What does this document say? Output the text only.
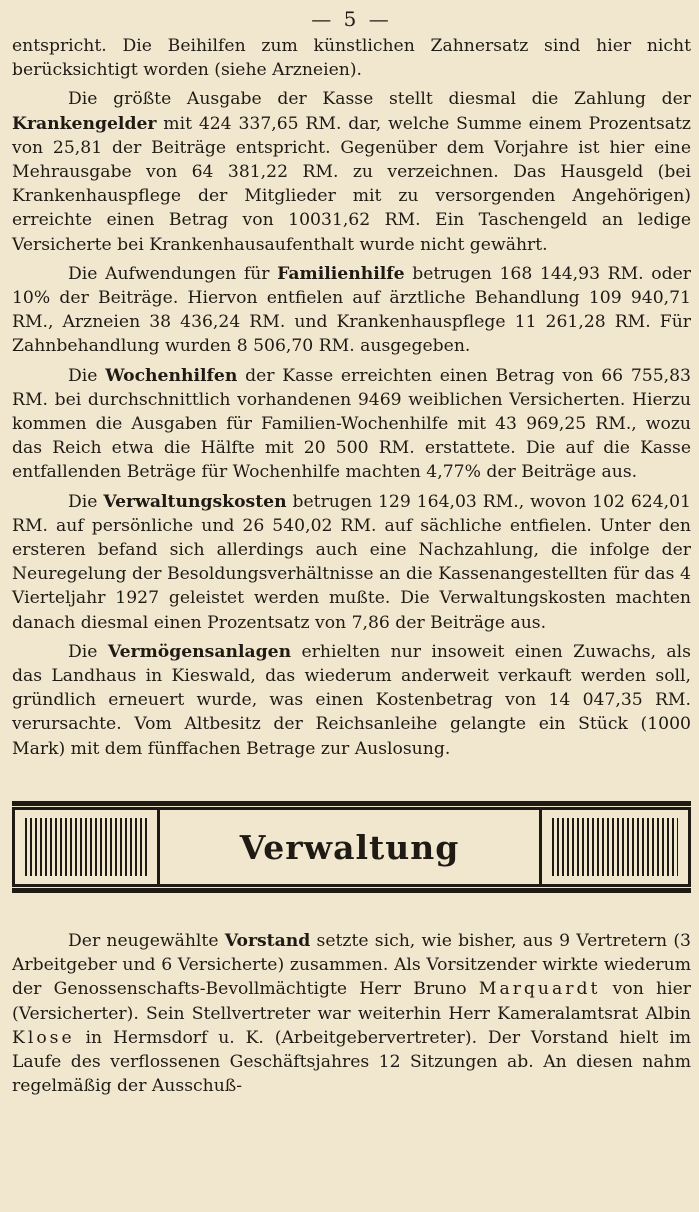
— 5 —

entspricht. Die Beihilfen zum künstlichen Zahnersatz sind hier nicht berücksichtigt worden (siehe Arzneien).

Die größte Ausgabe der Kasse stellt diesmal die Zahlung der Krankengelder mit 424 337,65 RM. dar, welche Summe einem Prozentsatz von 25,81 der Beiträge entspricht. Gegenüber dem Vorjahre ist hier eine Mehrausgabe von 64 381,22 RM. zu verzeichnen. Das Hausgeld (bei Krankenhauspflege der Mitglieder mit zu versorgenden Angehörigen) erreichte einen Betrag von 10031,62 RM. Ein Taschengeld an ledige Versicherte bei Krankenhausaufenthalt wurde nicht gewährt.

Die Aufwendungen für Familienhilfe betrugen 168 144,93 RM. oder 10% der Beiträge. Hiervon entfielen auf ärztliche Behandlung 109 940,71 RM., Arzneien 38 436,24 RM. und Krankenhauspflege 11 261,28 RM. Für Zahnbehandlung wurden 8 506,70 RM. ausgegeben.

Die Wochenhilfen der Kasse erreichten einen Betrag von 66 755,83 RM. bei durchschnittlich vorhandenen 9469 weiblichen Versicherten. Hierzu kommen die Ausgaben für Familien-Wochenhilfe mit 43 969,25 RM., wozu das Reich etwa die Hälfte mit 20 500 RM. erstattete. Die auf die Kasse entfallenden Beträge für Wochenhilfe machten 4,77% der Beiträge aus.

Die Verwaltungskosten betrugen 129 164,03 RM., wovon 102 624,01 RM. auf persönliche und 26 540,02 RM. auf sächliche entfielen. Unter den ersteren befand sich allerdings auch eine Nachzahlung, die infolge der Neuregelung der Besoldungsverhältnisse an die Kassenangestellten für das 4 Vierteljahr 1927 geleistet werden mußte. Die Verwaltungskosten machten danach diesmal einen Prozentsatz von 7,86 der Beiträge aus.

Die Vermögensanlagen erhielten nur insoweit einen Zuwachs, als das Landhaus in Kieswald, das wiederum anderweit verkauft werden soll, gründlich erneuert wurde, was einen Kostenbetrag von 14 047,35 RM. verursachte. Vom Altbesitz der Reichsanleihe gelangte ein Stück (1000 Mark) mit dem fünffachen Betrage zur Auslosung.

Verwaltung

Der neugewählte Vorstand setzte sich, wie bisher, aus 9 Vertretern (3 Arbeitgeber und 6 Versicherte) zusammen. Als Vorsitzender wirkte wiederum der Genossenschafts-Bevollmächtigte Herr Bruno Marquardt von hier (Versicherter). Sein Stellvertreter war weiterhin Herr Kameralamtsrat Albin Klose in Hermsdorf u. K. (Arbeitgebervertreter). Der Vorstand hielt im Laufe des verflossenen Geschäftsjahres 12 Sitzungen ab. An diesen nahm regelmäßig der Ausschuß-
